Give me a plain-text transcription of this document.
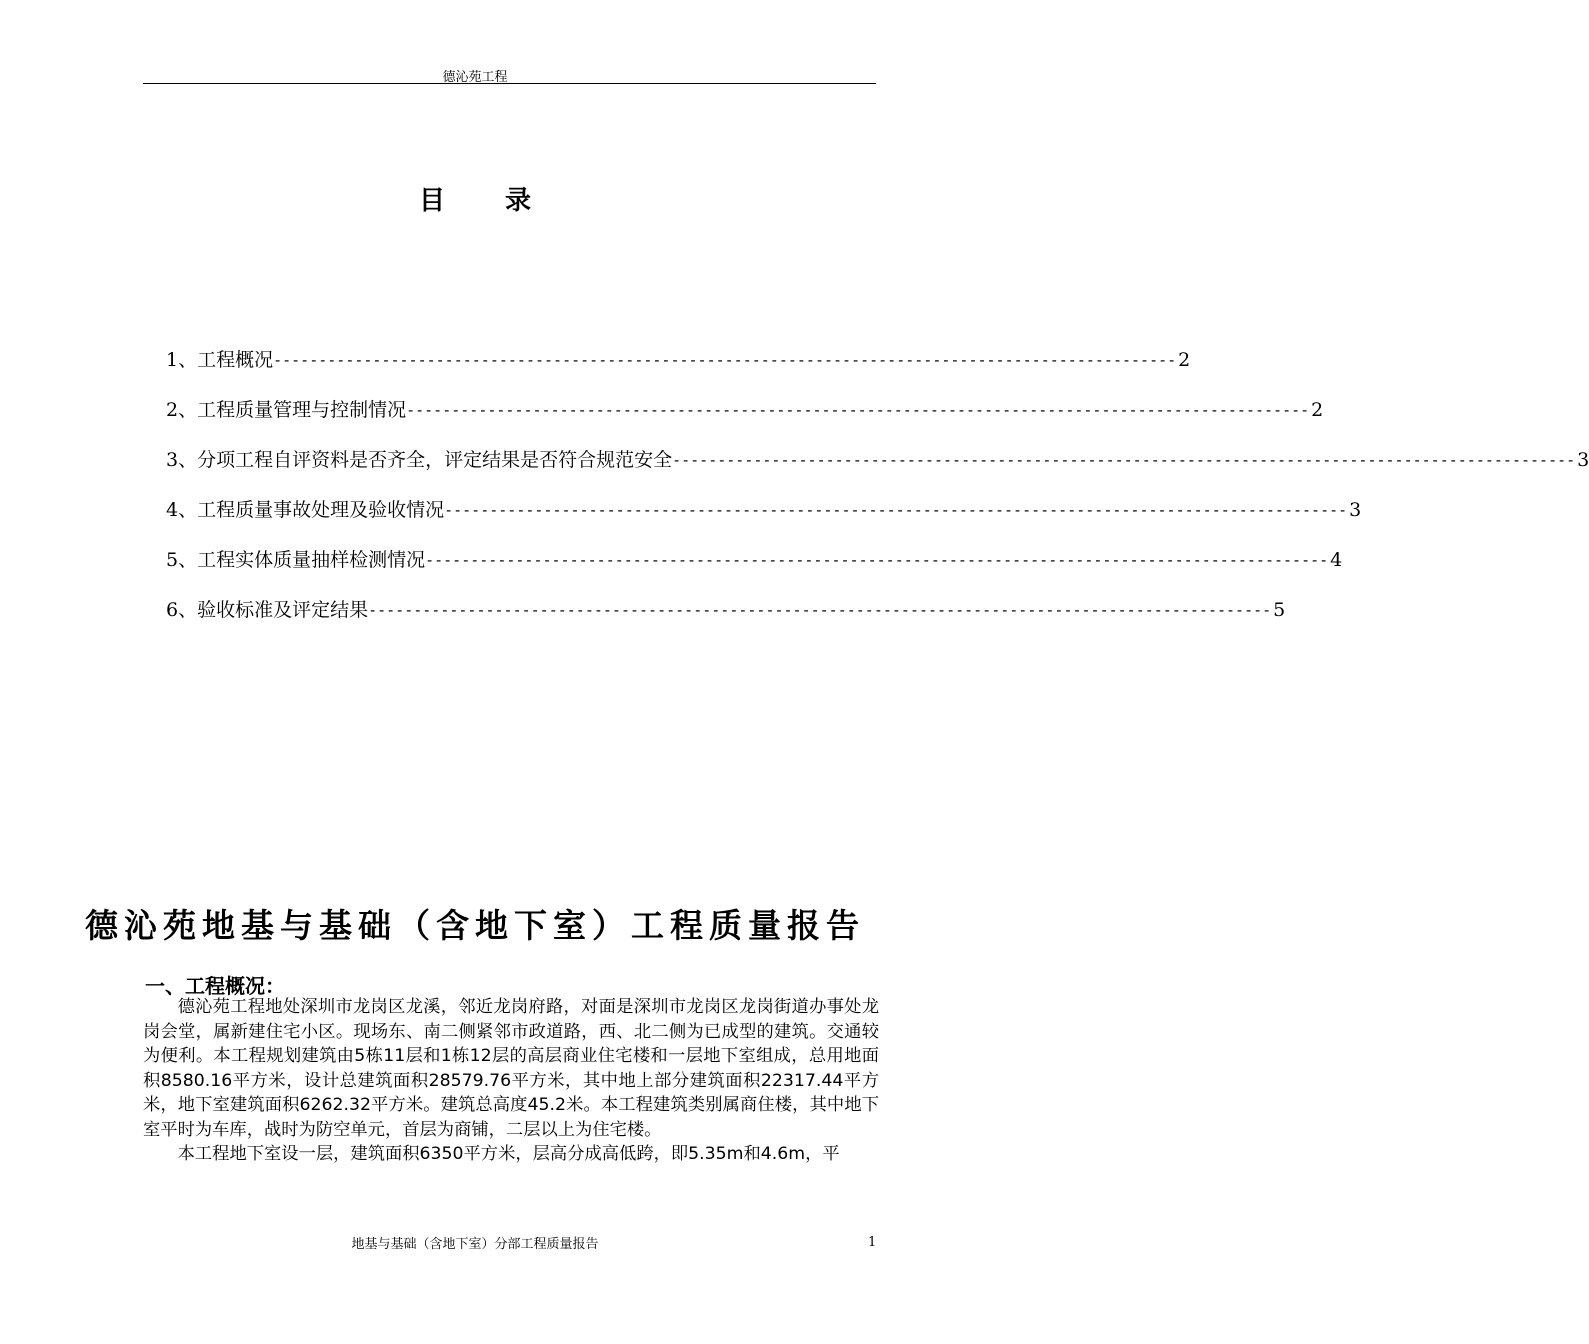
德沁苑工程
目 录
1、工程概况 ---------------------------------------------------------------------------------------------------- 2
2、工程质量管理与控制情况 ---------------------------------------------------------------------------------------------------- 2
3、分项工程自评资料是否齐全，评定结果是否符合规范安全 ---------------------------------------------------------------------------------------------------- 3
4、工程质量事故处理及验收情况 ---------------------------------------------------------------------------------------------------- 3
5、工程实体质量抽样检测情况 ---------------------------------------------------------------------------------------------------- 4
6、验收标准及评定结果 ---------------------------------------------------------------------------------------------------- 5
德沁苑地基与基础（含地下室）工程质量报告
一、工程概况：

德沁苑工程地处深圳市龙岗区龙溪，邻近龙岗府路，对面是深圳市龙岗区龙岗街道办事处龙岗会堂，属新建住宅小区。现场东、南二侧紧邻市政道路，西、北二侧为已成型的建筑。交通较为便利。本工程规划建筑由5栋11层和1栋12层的高层商业住宅楼和一层地下室组成，总用地面积8580.16平方米，设计总建筑面积28579.76平方米，其中地上部分建筑面积22317.44平方米，地下室建筑面积6262.32平方米。建筑总高度45.2米。本工程建筑类别属商住楼，其中地下室平时为车库，战时为防空单元，首层为商铺，二层以上为住宅楼。

本工程地下室设一层，建筑面积6350平方米，层高分成高低跨，即5.35m和4.6m，平

地基与基础（含地下室）分部工程质量报告	1
